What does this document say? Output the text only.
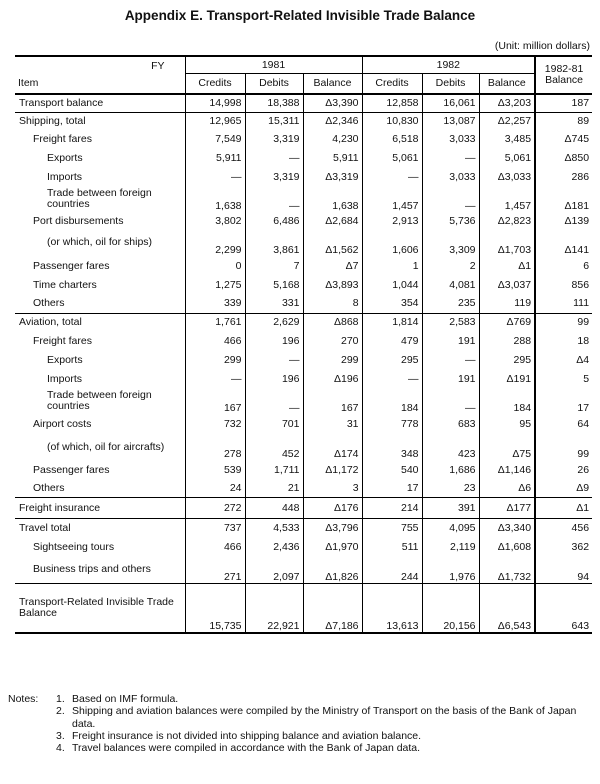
Appendix E. Transport-Related Invisible Trade Balance
(Unit: million dollars)
FY	1981			1982			1982-81
Balance
Item	Credits	Debits	Balance	Credits	Debits	Balance	
Transport balance	14,998	18,388	Δ3,390	12,858	16,061	Δ3,203	187
Shipping, total	12,965	15,311	Δ2,346	10,830	13,087	Δ2,257	89
Freight fares	7,549	3,319	4,230	6,518	3,033	3,485	Δ745
Exports	5,911	—	5,911	5,061	—	5,061	Δ850
Imports	—	3,319	Δ3,319	—	3,033	Δ3,033	286
Trade between foreign countries	1,638	—	1,638	1,457	—	1,457	Δ181
Port disbursements	3,802	6,486	Δ2,684	2,913	5,736	Δ2,823	Δ139
(or which, oil for ships)	2,299	3,861	Δ1,562	1,606	3,309	Δ1,703	Δ141
Passenger fares	0	7	Δ7	1	2	Δ1	6
Time charters	1,275	5,168	Δ3,893	1,044	4,081	Δ3,037	856
Others	339	331	8	354	235	119	111
Aviation, total	1,761	2,629	Δ868	1,814	2,583	Δ769	99
Freight fares	466	196	270	479	191	288	18
Exports	299	—	299	295	—	295	Δ4
Imports	—	196	Δ196	—	191	Δ191	5
Trade between foreign countries	167	—	167	184	—	184	17
Airport costs	732	701	31	778	683	95	64
(of which, oil for aircrafts)	278	452	Δ174	348	423	Δ75	99
Passenger fares	539	1,711	Δ1,172	540	1,686	Δ1,146	26
Others	24	21	3	17	23	Δ6	Δ9
Freight insurance	272	448	Δ176	214	391	Δ177	Δ1
Travel total	737	4,533	Δ3,796	755	4,095	Δ3,340	456
Sightseeing tours	466	2,436	Δ1,970	511	2,119	Δ1,608	362
Business trips and others	271	2,097	Δ1,826	244	1,976	Δ1,732	94
Transport-Related Invisible Trade Balance	15,735	22,921	Δ7,186	13,613	20,156	Δ6,543	643
Notes:	1. Based on IMF formula.
2. Shipping and aviation balances were compiled by the Ministry of Transport on the basis of the Bank of Japan data.
3. Freight insurance is not divided into shipping balance and aviation balance.
4. Travel balances were compiled in accordance with the Bank of Japan data.
